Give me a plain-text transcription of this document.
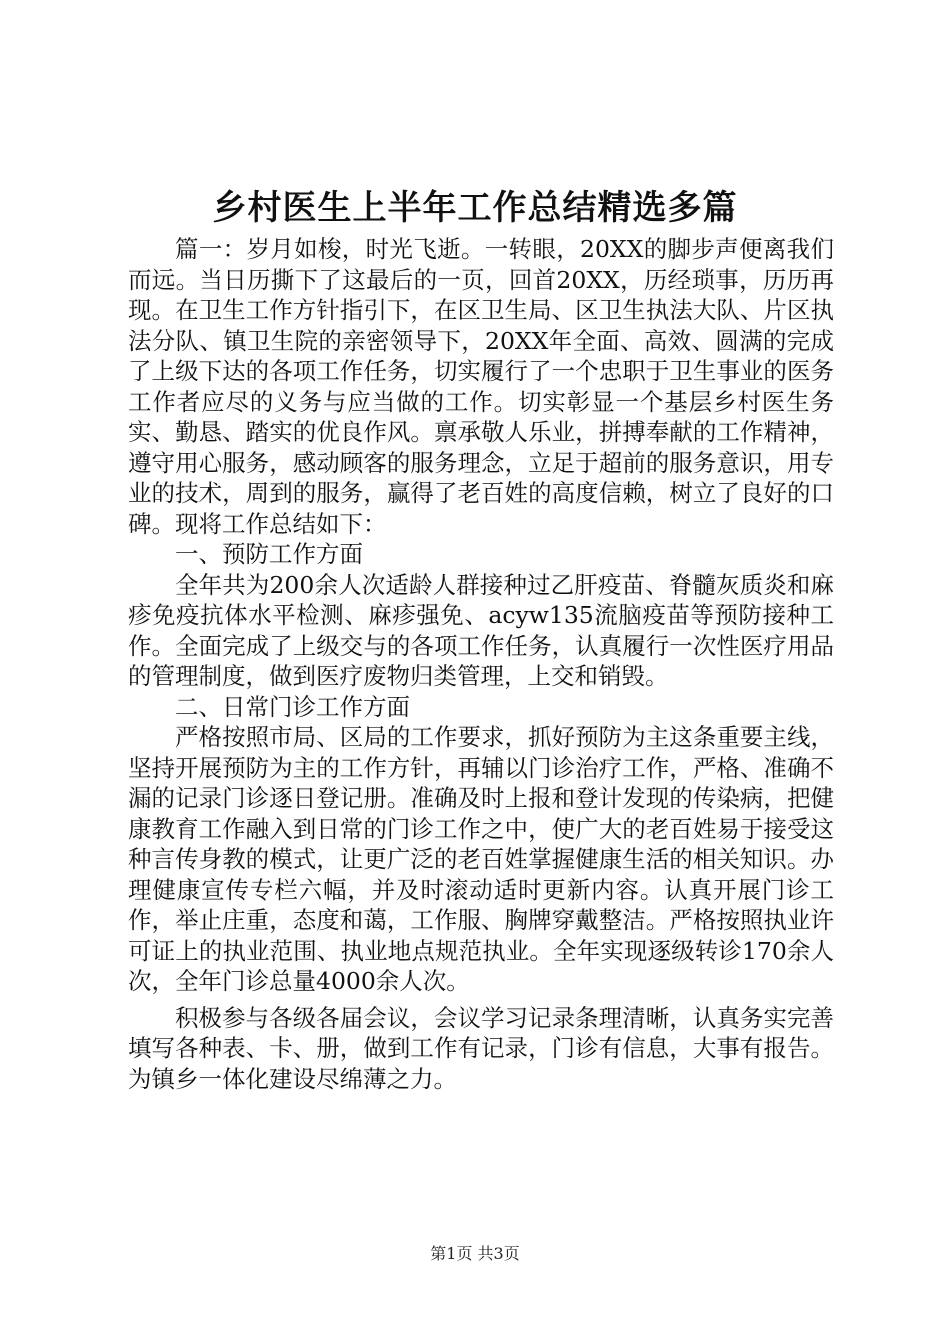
乡村医生上半年工作总结精选多篇

篇一：岁月如梭，时光飞逝。一转眼，20XX的脚步声便离我们而远。当日历撕下了这最后的一页，回首20XX，历经琐事，历历再现。在卫生工作方针指引下，在区卫生局、区卫生执法大队、片区执法分队、镇卫生院的亲密领导下，20XX年全面、高效、圆满的完成了上级下达的各项工作任务，切实履行了一个忠职于卫生事业的医务工作者应尽的义务与应当做的工作。切实彰显一个基层乡村医生务实、勤恳、踏实的优良作风。禀承敬人乐业，拼搏奉献的工作精神，遵守用心服务，感动顾客的服务理念，立足于超前的服务意识，用专业的技术，周到的服务，赢得了老百姓的高度信赖，树立了良好的口碑。现将工作总结如下：

一、预防工作方面

全年共为200余人次适龄人群接种过乙肝疫苗、脊髓灰质炎和麻疹免疫抗体水平检测、麻疹强免、acyw135流脑疫苗等预防接种工作。全面完成了上级交与的各项工作任务，认真履行一次性医疗用品的管理制度，做到医疗废物归类管理，上交和销毁。

二、日常门诊工作方面

严格按照市局、区局的工作要求，抓好预防为主这条重要主线，坚持开展预防为主的工作方针，再辅以门诊治疗工作，严格、准确不漏的记录门诊逐日登记册。准确及时上报和登计发现的传染病，把健康教育工作融入到日常的门诊工作之中，使广大的老百姓易于接受这种言传身教的模式，让更广泛的老百姓掌握健康生活的相关知识。办理健康宣传专栏六幅，并及时滚动适时更新内容。认真开展门诊工作，举止庄重，态度和蔼，工作服、胸牌穿戴整洁。严格按照执业许可证上的执业范围、执业地点规范执业。全年实现逐级转诊170余人次，全年门诊总量4000余人次。

积极参与各级各届会议，会议学习记录条理清晰，认真务实完善填写各种表、卡、册，做到工作有记录，门诊有信息，大事有报告。为镇乡一体化建设尽绵薄之力。

第1页 共3页
